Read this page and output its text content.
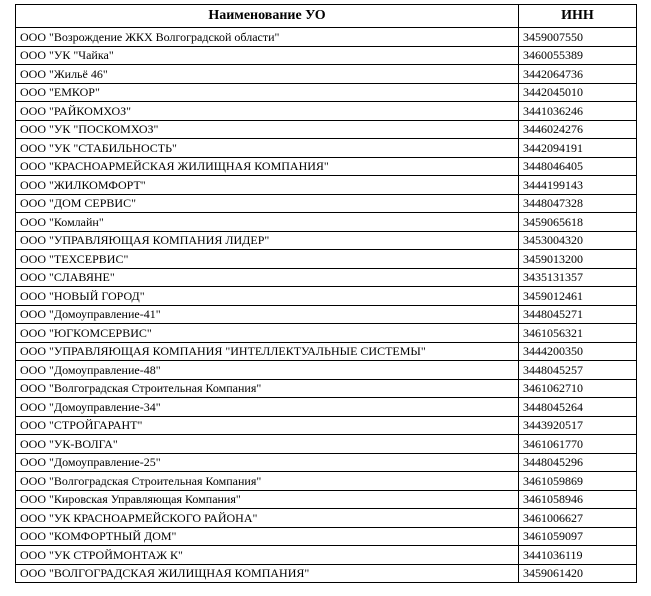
Наименование УО	ИНН
ООО "Возрождение ЖКХ Волгоградской области"	3459007550
ООО "УК "Чайка"	3460055389
ООО "Жильё 46"	3442064736
ООО "ЕМКОР"	3442045010
ООО "РАЙКОМХОЗ"	3441036246
ООО "УК "ПОСКОМХОЗ"	3446024276
ООО "УК "СТАБИЛЬНОСТЬ"	3442094191
ООО "КРАСНОАРМЕЙСКАЯ ЖИЛИЩНАЯ КОМПАНИЯ"	3448046405
ООО "ЖИЛКОМФОРТ"	3444199143
ООО "ДОМ СЕРВИС"	3448047328
ООО "Комлайн"	3459065618
ООО "УПРАВЛЯЮЩАЯ КОМПАНИЯ ЛИДЕР"	3453004320
ООО "ТЕХСЕРВИС"	3459013200
ООО "СЛАВЯНЕ"	3435131357
ООО "НОВЫЙ ГОРОД"	3459012461
ООО "Домоуправление-41"	3448045271
ООО "ЮГКОМСЕРВИС"	3461056321
ООО "УПРАВЛЯЮЩАЯ КОМПАНИЯ "ИНТЕЛЛЕКТУАЛЬНЫЕ СИСТЕМЫ"	3444200350
ООО "Домоуправление-48"	3448045257
ООО "Волгоградская Строительная Компания"	3461062710
ООО "Домоуправление-34"	3448045264
ООО "СТРОЙГАРАНТ"	3443920517
ООО "УК-ВОЛГА"	3461061770
ООО "Домоуправление-25"	3448045296
ООО "Волгоградская Строительная Компания"	3461059869
ООО "Кировская Управляющая Компания"	3461058946
ООО "УК КРАСНОАРМЕЙСКОГО РАЙОНА"	3461006627
ООО "КОМФОРТНЫЙ ДОМ"	3461059097
ООО "УК СТРОЙМОНТАЖ К"	3441036119
ООО "ВОЛГОГРАДСКАЯ ЖИЛИЩНАЯ КОМПАНИЯ"	3459061420
